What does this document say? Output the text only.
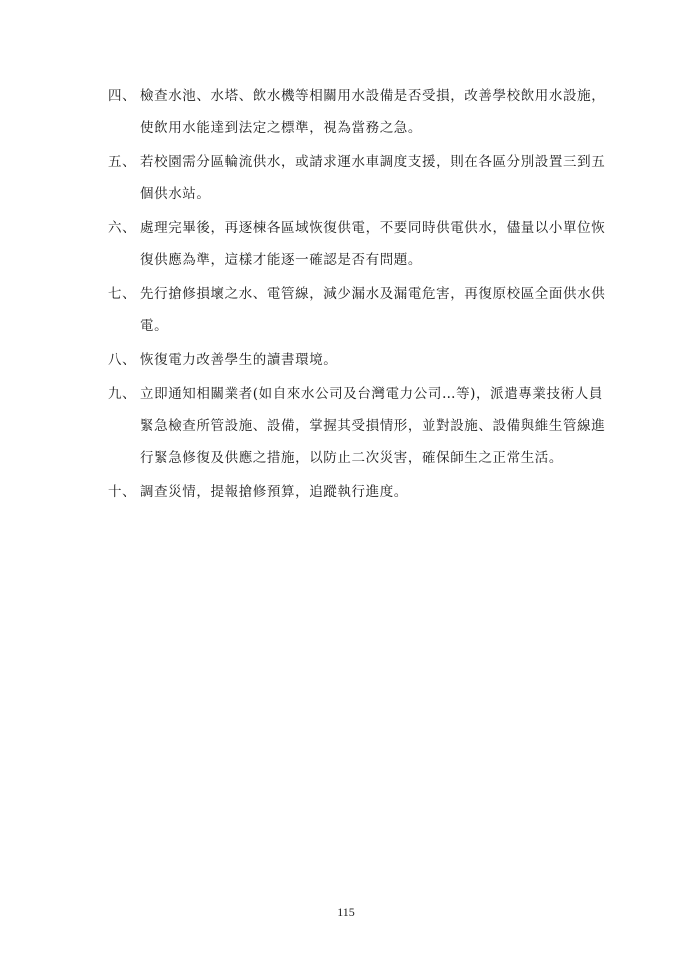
四、 檢查水池、水塔、飲水機等相關用水設備是否受損，改善學校飲用水設施，
使飲用水能達到法定之標準，視為當務之急。
五、 若校園需分區輪流供水，或請求運水車調度支援，則在各區分別設置三到五
個供水站。
六、 處理完畢後，再逐棟各區域恢復供電，不要同時供電供水，儘量以小單位恢
復供應為準，這樣才能逐一確認是否有問題。
七、 先行搶修損壞之水、電管線，減少漏水及漏電危害，再復原校區全面供水供
電。
八、 恢復電力改善學生的讀書環境。
九、 立即通知相關業者(如自來水公司及台灣電力公司…等)，派遣專業技術人員
緊急檢查所管設施、設備，掌握其受損情形，並對設施、設備與維生管線進
行緊急修復及供應之措施，以防止二次災害，確保師生之正常生活。
十、 調查災情，提報搶修預算，追蹤執行進度。
115
